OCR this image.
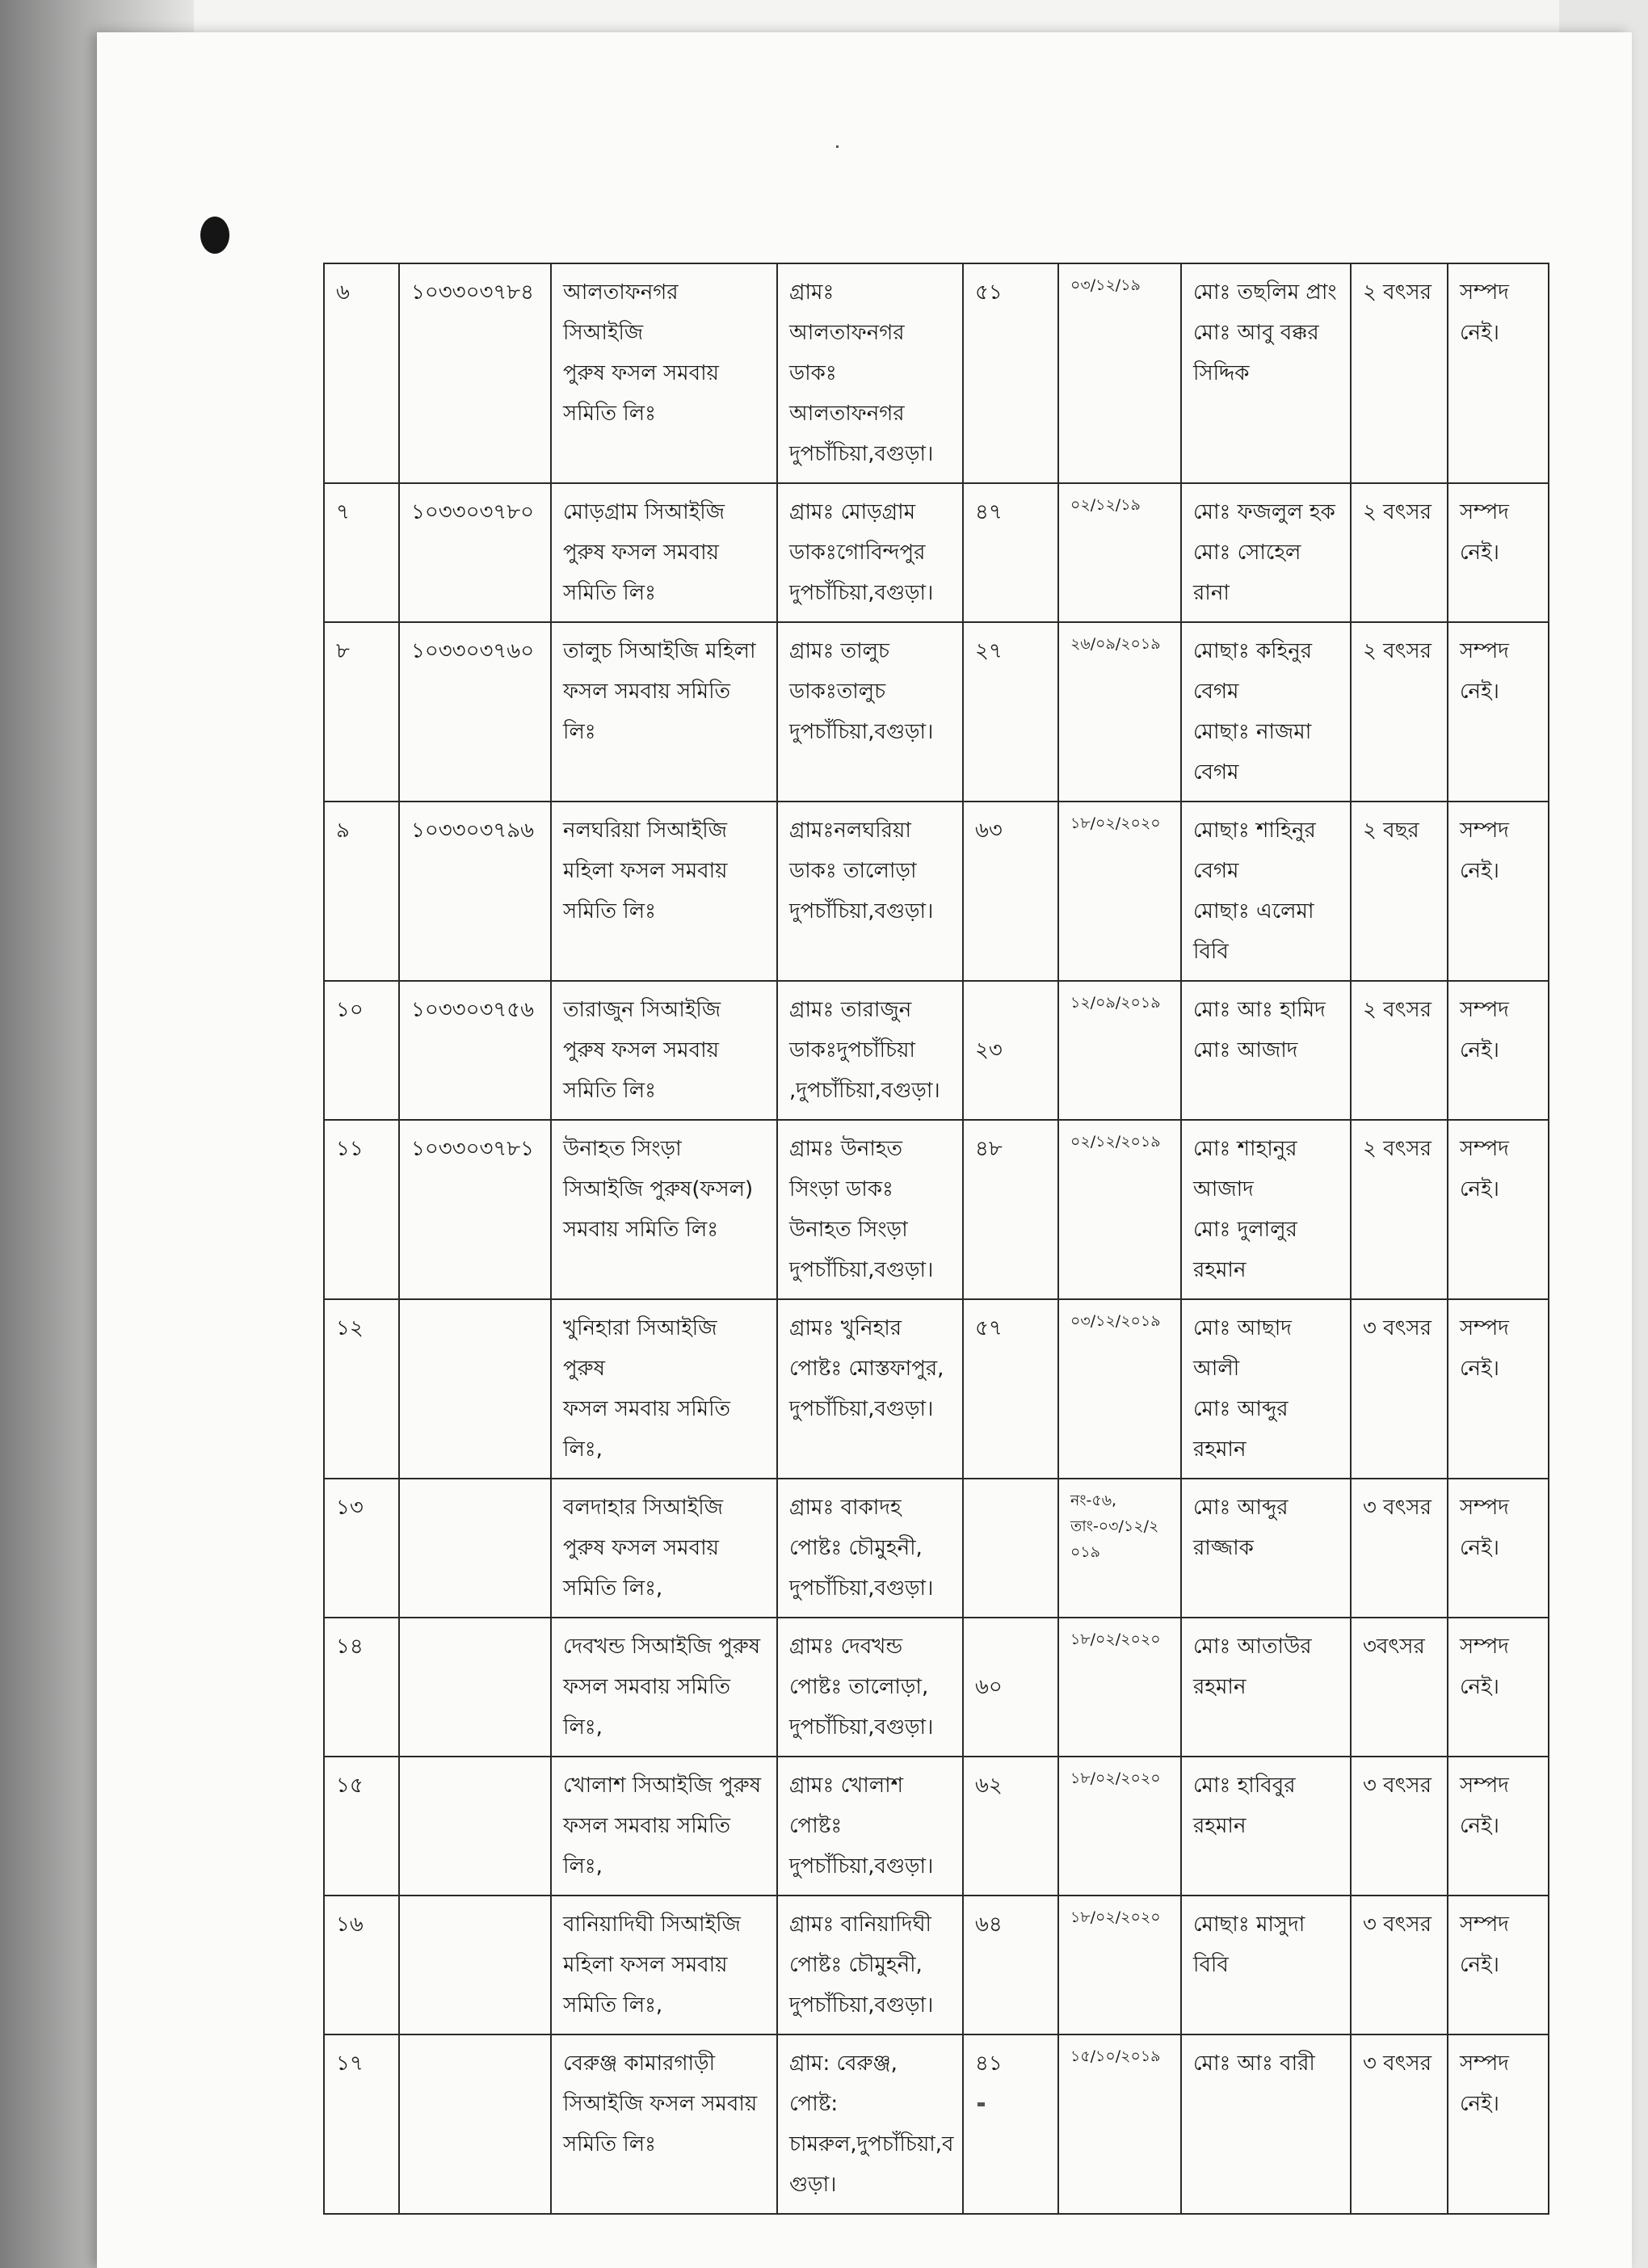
৬	১০৩৩০৩৭৮৪	আলতাফনগর সিআইজি
পুরুষ ফসল সমবায়
সমিতি লিঃ	গ্রামঃ আলতাফনগর
ডাকঃ আলতাফনগর
দুপচাঁচিয়া,বগুড়া।	৫১	০৩/১২/১৯	মোঃ তছলিম প্রাং
মোঃ আবু বক্কর
সিদ্দিক	২ বৎসর	সম্পদ
নেই।
৭	১০৩৩০৩৭৮০	মোড়গ্রাম সিআইজি
পুরুষ ফসল সমবায়
সমিতি লিঃ	গ্রামঃ মোড়গ্রাম
ডাকঃগোবিন্দপুর
দুপচাঁচিয়া,বগুড়া।	৪৭	০২/১২/১৯	মোঃ ফজলুল হক
মোঃ সোহেল রানা	২ বৎসর	সম্পদ
নেই।
৮	১০৩৩০৩৭৬০	তালুচ সিআইজি মহিলা
ফসল সমবায় সমিতি
লিঃ	গ্রামঃ তালুচ
ডাকঃতালুচ
দুপচাঁচিয়া,বগুড়া।	২৭	২৬/০৯/২০১৯	মোছাঃ কহিনুর
বেগম
মোছাঃ নাজমা
বেগম	২ বৎসর	সম্পদ
নেই।
৯	১০৩৩০৩৭৯৬	নলঘরিয়া সিআইজি
মহিলা ফসল সমবায়
সমিতি লিঃ	গ্রামঃনলঘরিয়া
ডাকঃ তালোড়া
দুপচাঁচিয়া,বগুড়া।	৬৩	১৮/০২/২০২০	মোছাঃ শাহিনুর
বেগম
মোছাঃ এলেমা
বিবি	২ বছর	সম্পদ
নেই।
১০	১০৩৩০৩৭৫৬	তারাজুন সিআইজি
পুরুষ ফসল সমবায়
সমিতি লিঃ	গ্রামঃ তারাজুন
ডাকঃদুপচাঁচিয়া
,দুপচাঁচিয়া,বগুড়া।	২৩	১২/০৯/২০১৯	মোঃ আঃ হামিদ
মোঃ আজাদ	২ বৎসর	সম্পদ
নেই।
১১	১০৩৩০৩৭৮১	উনাহত সিংড়া
সিআইজি পুরুষ(ফসল)
সমবায় সমিতি লিঃ	গ্রামঃ উনাহত
সিংড়া ডাকঃ
উনাহত সিংড়া
দুপচাঁচিয়া,বগুড়া।	৪৮	০২/১২/২০১৯	মোঃ শাহানুর
আজাদ
মোঃ দুলালুর
রহমান	২ বৎসর	সম্পদ
নেই।
১২		খুনিহারা সিআইজি পুরুষ
ফসল সমবায় সমিতি
লিঃ,	গ্রামঃ খুনিহার
পোষ্টঃ মোস্তফাপুর,
দুপচাঁচিয়া,বগুড়া।	৫৭	০৩/১২/২০১৯	মোঃ আছাদ আলী
মোঃ আব্দুর
রহমান	৩ বৎসর	সম্পদ
নেই।
১৩		বলদাহার সিআইজি
পুরুষ ফসল সমবায়
সমিতি লিঃ,	গ্রামঃ বাকাদহ
পোষ্টঃ চৌমুহনী,
দুপচাঁচিয়া,বগুড়া।		নং-৫৬,
তাং-০৩/১২/২
০১৯	মোঃ আব্দুর
রাজ্জাক	৩ বৎসর	সম্পদ
নেই।
১৪		দেবখন্ড সিআইজি পুরুষ
ফসল সমবায় সমিতি
লিঃ,	গ্রামঃ দেবখন্ড
পোষ্টঃ তালোড়া,
দুপচাঁচিয়া,বগুড়া।	৬০	১৮/০২/২০২০	মোঃ আতাউর
রহমান	৩বৎসর	সম্পদ
নেই।
১৫		খোলাশ সিআইজি পুরুষ
ফসল সমবায় সমিতি
লিঃ,	গ্রামঃ খোলাশ
পোষ্টঃ
দুপচাঁচিয়া,বগুড়া।	৬২	১৮/০২/২০২০	মোঃ হাবিবুর
রহমান	৩ বৎসর	সম্পদ
নেই।
১৬		বানিয়াদিঘী সিআইজি
মহিলা ফসল সমবায়
সমিতি লিঃ,	গ্রামঃ বানিয়াদিঘী
পোষ্টঃ চৌমুহনী,
দুপচাঁচিয়া,বগুড়া।	৬৪	১৮/০২/২০২০	মোছাঃ মাসুদা
বিবি	৩ বৎসর	সম্পদ
নেই।
১৭		বেরুঞ্জ কামারগাড়ী
সিআইজি ফসল সমবায়
সমিতি লিঃ	গ্রাম: বেরুঞ্জ, পোষ্ট:
চামরুল,দুপচাঁচিয়া,ব
গুড়া।	৪১	১৫/১০/২০১৯	মোঃ আঃ বারী	৩ বৎসর	সম্পদ
নেই।
